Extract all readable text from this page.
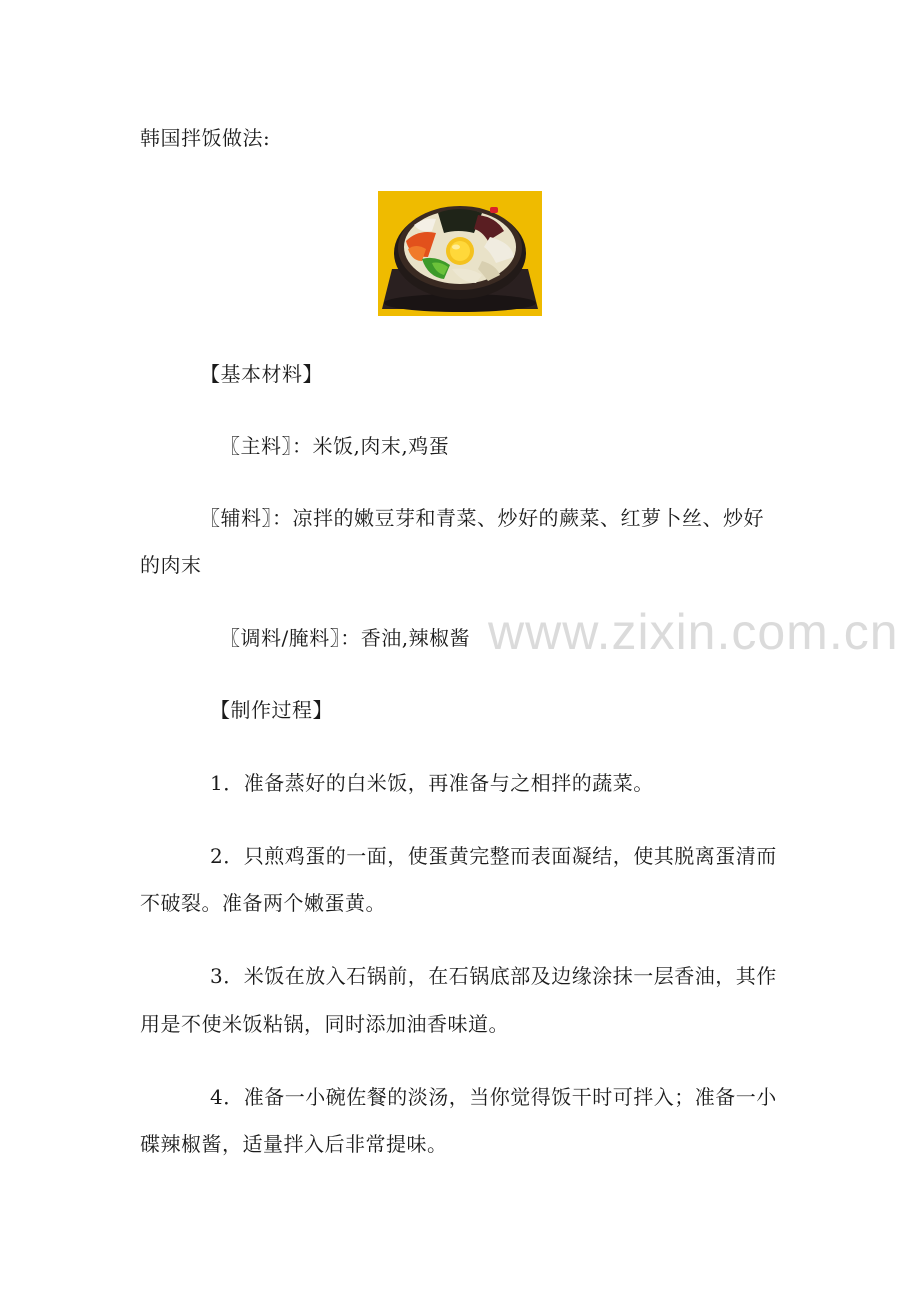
韩国拌饭做法:
【基本材料】
〖主料〗：米饭,肉末,鸡蛋
〖辅料〗：凉拌的嫩豆芽和青菜、炒好的蕨菜、红萝卜丝、炒好
的肉末
〖调料/腌料〗：香油,辣椒酱
【制作过程】
1．准备蒸好的白米饭，再准备与之相拌的蔬菜。
2．只煎鸡蛋的一面，使蛋黄完整而表面凝结，使其脱离蛋清而
不破裂。准备两个嫩蛋黄。
3．米饭在放入石锅前，在石锅底部及边缘涂抹一层香油，其作
用是不使米饭粘锅，同时添加油香味道。
4．准备一小碗佐餐的淡汤，当你觉得饭干时可拌入；准备一小
碟辣椒酱，适量拌入后非常提味。
www.zixin.com.cn
